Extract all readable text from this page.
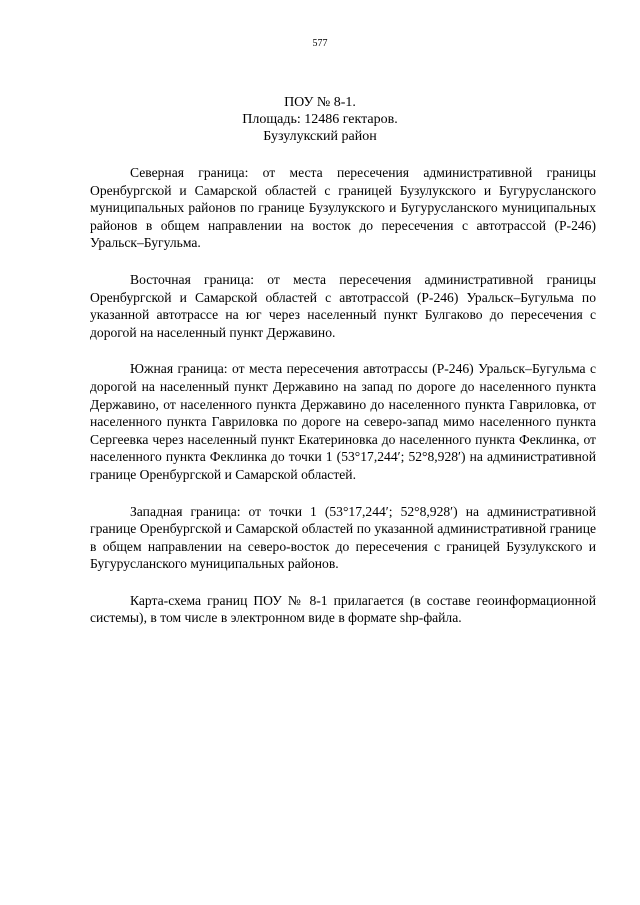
577
ПОУ № 8-1.
Площадь: 12486 гектаров.
Бузулукский район

Северная граница: от места пересечения административной границы Оренбургской и Самарской областей с границей Бузулукского и Бугурусланского муниципальных районов по границе Бузулукского и Бугурусланского муниципальных районов в общем направлении на восток до пересечения с автотрассой (Р-246) Уральск–Бугульма.

Восточная граница: от места пересечения административной границы Оренбургской и Самарской областей с автотрассой (Р-246) Уральск–Бугульма по указанной автотрассе на юг через населенный пункт Булгаково до пересечения с дорогой на населенный пункт Державино.

Южная граница: от места пересечения автотрассы (Р-246) Уральск–Бугульма с дорогой на населенный пункт Державино на запад по дороге до населенного пункта Державино, от населенного пункта Державино до населенного пункта Гавриловка, от населенного пункта Гавриловка по дороге на северо-запад мимо населенного пункта Сергеевка через населенный пункт Екатериновка до населенного пункта Феклинка, от населенного пункта Феклинка до точки 1 (53°17,244′; 52°8,928′) на административной границе Оренбургской и Самарской областей.

Западная граница: от точки 1 (53°17,244′; 52°8,928′) на административной границе Оренбургской и Самарской областей по указанной административной границе в общем направлении на северо-восток до пересечения с границей Бузулукского и Бугурусланского муниципальных районов.

Карта-схема границ ПОУ № 8-1 прилагается (в составе геоинформационной системы), в том числе в электронном виде в формате shp-файла.
